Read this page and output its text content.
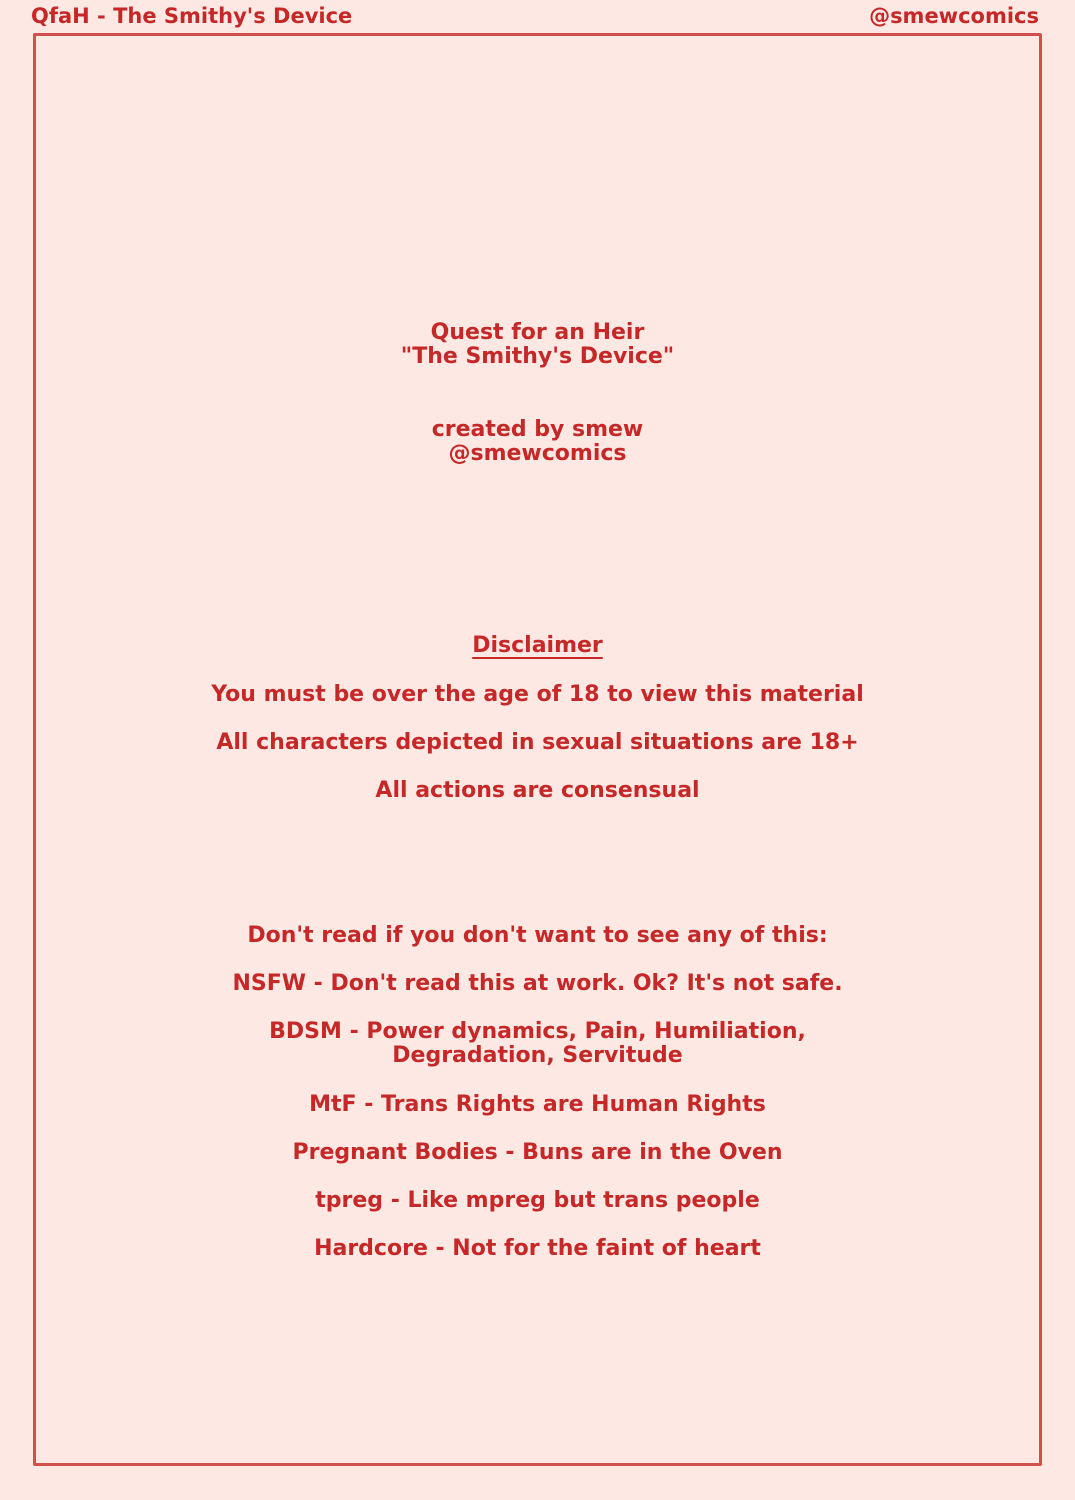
QfaH - The Smithy's Device	@smewcomics
Quest for an Heir
"The Smithy's Device"
created by smew
@smewcomics
Disclaimer
You must be over the age of 18 to view this material
All characters depicted in sexual situations are 18+
All actions are consensual
Don't read if you don't want to see any of this:
NSFW - Don't read this at work. Ok? It's not safe.
BDSM - Power dynamics, Pain, Humiliation,
Degradation, Servitude
MtF - Trans Rights are Human Rights
Pregnant Bodies - Buns are in the Oven
tpreg - Like mpreg but trans people
Hardcore - Not for the faint of heart
